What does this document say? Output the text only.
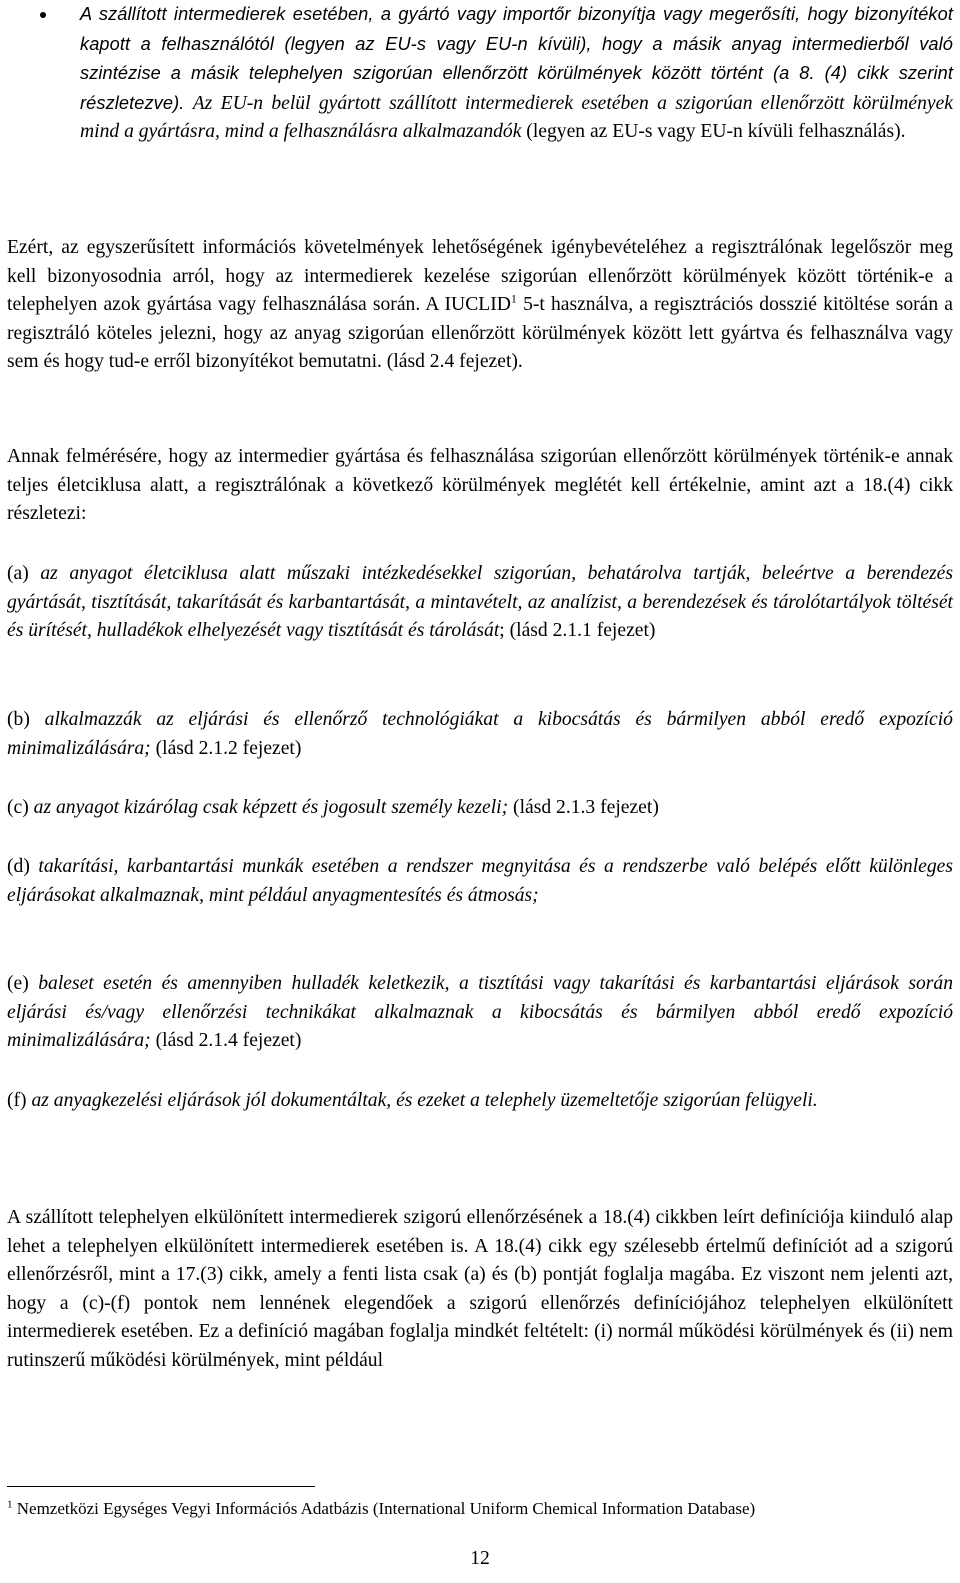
A szállított intermedierek esetében, a gyártó vagy importőr bizonyítja vagy megerősíti, hogy bizonyítékot kapott a felhasználótól (legyen az EU-s vagy EU-n kívüli), hogy a másik anyag intermedierből való szintézise a másik telephelyen szigorúan ellenőrzött körülmények között történt (a 8. (4) cikk szerint részletezve). Az EU-n belül gyártott szállított intermedierek esetében a szigorúan ellenőrzött körülmények mind a gyártásra, mind a felhasználásra alkalmazandók (legyen az EU-s vagy EU-n kívüli felhasználás).

Ezért, az egyszerűsített információs követelmények lehetőségének igénybevételéhez a regisztrálónak legelőször meg kell bizonyosodnia arról, hogy az intermedierek kezelése szigorúan ellenőrzött körülmények között történik-e a telephelyen azok gyártása vagy felhasználása során. A IUCLID$^1$ 5-t használva, a regisztrációs dosszié kitöltése során a regisztráló köteles jelezni, hogy az anyag szigorúan ellenőrzött körülmények között lett gyártva és felhasználva vagy sem és hogy tud-e erről bizonyítékot bemutatni. (lásd 2.4 fejezet).

Annak felmérésére, hogy az intermedier gyártása és felhasználása szigorúan ellenőrzött körülmények történik-e annak teljes életciklusa alatt, a regisztrálónak a következő körülmények meglétét kell értékelnie, amint azt a 18.(4) cikk részletezi:

(a) az anyagot életciklusa alatt műszaki intézkedésekkel szigorúan, behatárolva tartják, beleértve a berendezés gyártását, tisztítását, takarítását és karbantartását, a mintavételt, az analízist, a berendezések és tárolótartályok töltését és ürítését, hulladékok elhelyezését vagy tisztítását és tárolását; (lásd 2.1.1 fejezet)

(b) alkalmazzák az eljárási és ellenőrző technológiákat a kibocsátás és bármilyen abból eredő expozíció minimalizálására; (lásd 2.1.2 fejezet)

(c) az anyagot kizárólag csak képzett és jogosult személy kezeli; (lásd 2.1.3 fejezet)

(d) takarítási, karbantartási munkák esetében a rendszer megnyitása és a rendszerbe való belépés előtt különleges eljárásokat alkalmaznak, mint például anyagmentesítés és átmosás;

(e) baleset esetén és amennyiben hulladék keletkezik, a tisztítási vagy takarítási és karbantartási eljárások során eljárási és/vagy ellenőrzési technikákat alkalmaznak a kibocsátás és bármilyen abból eredő expozíció minimalizálására; (lásd 2.1.4 fejezet)

(f) az anyagkezelési eljárások jól dokumentáltak, és ezeket a telephely üzemeltetője szigorúan felügyeli.

A szállított telephelyen elkülönített intermedierek szigorú ellenőrzésének a 18.(4) cikkben leírt definíciója kiinduló alap lehet a telephelyen elkülönített intermedierek esetében is. A 18.(4) cikk egy szélesebb értelmű definíciót ad a szigorú ellenőrzésről, mint a 17.(3) cikk, amely a fenti lista csak (a) és (b) pontját foglalja magába. Ez viszont nem jelenti azt, hogy a (c)-(f) pontok nem lennének elegendőek a szigorú ellenőrzés definíciójához telephelyen elkülönített intermedierek esetében. Ez a definíció magában foglalja mindkét feltételt: (i) normál működési körülmények és (ii) nem rutinszerű működési körülmények, mint például

$^1$ Nemzetközi Egységes Vegyi Információs Adatbázis (International Uniform Chemical Information Database)
12
